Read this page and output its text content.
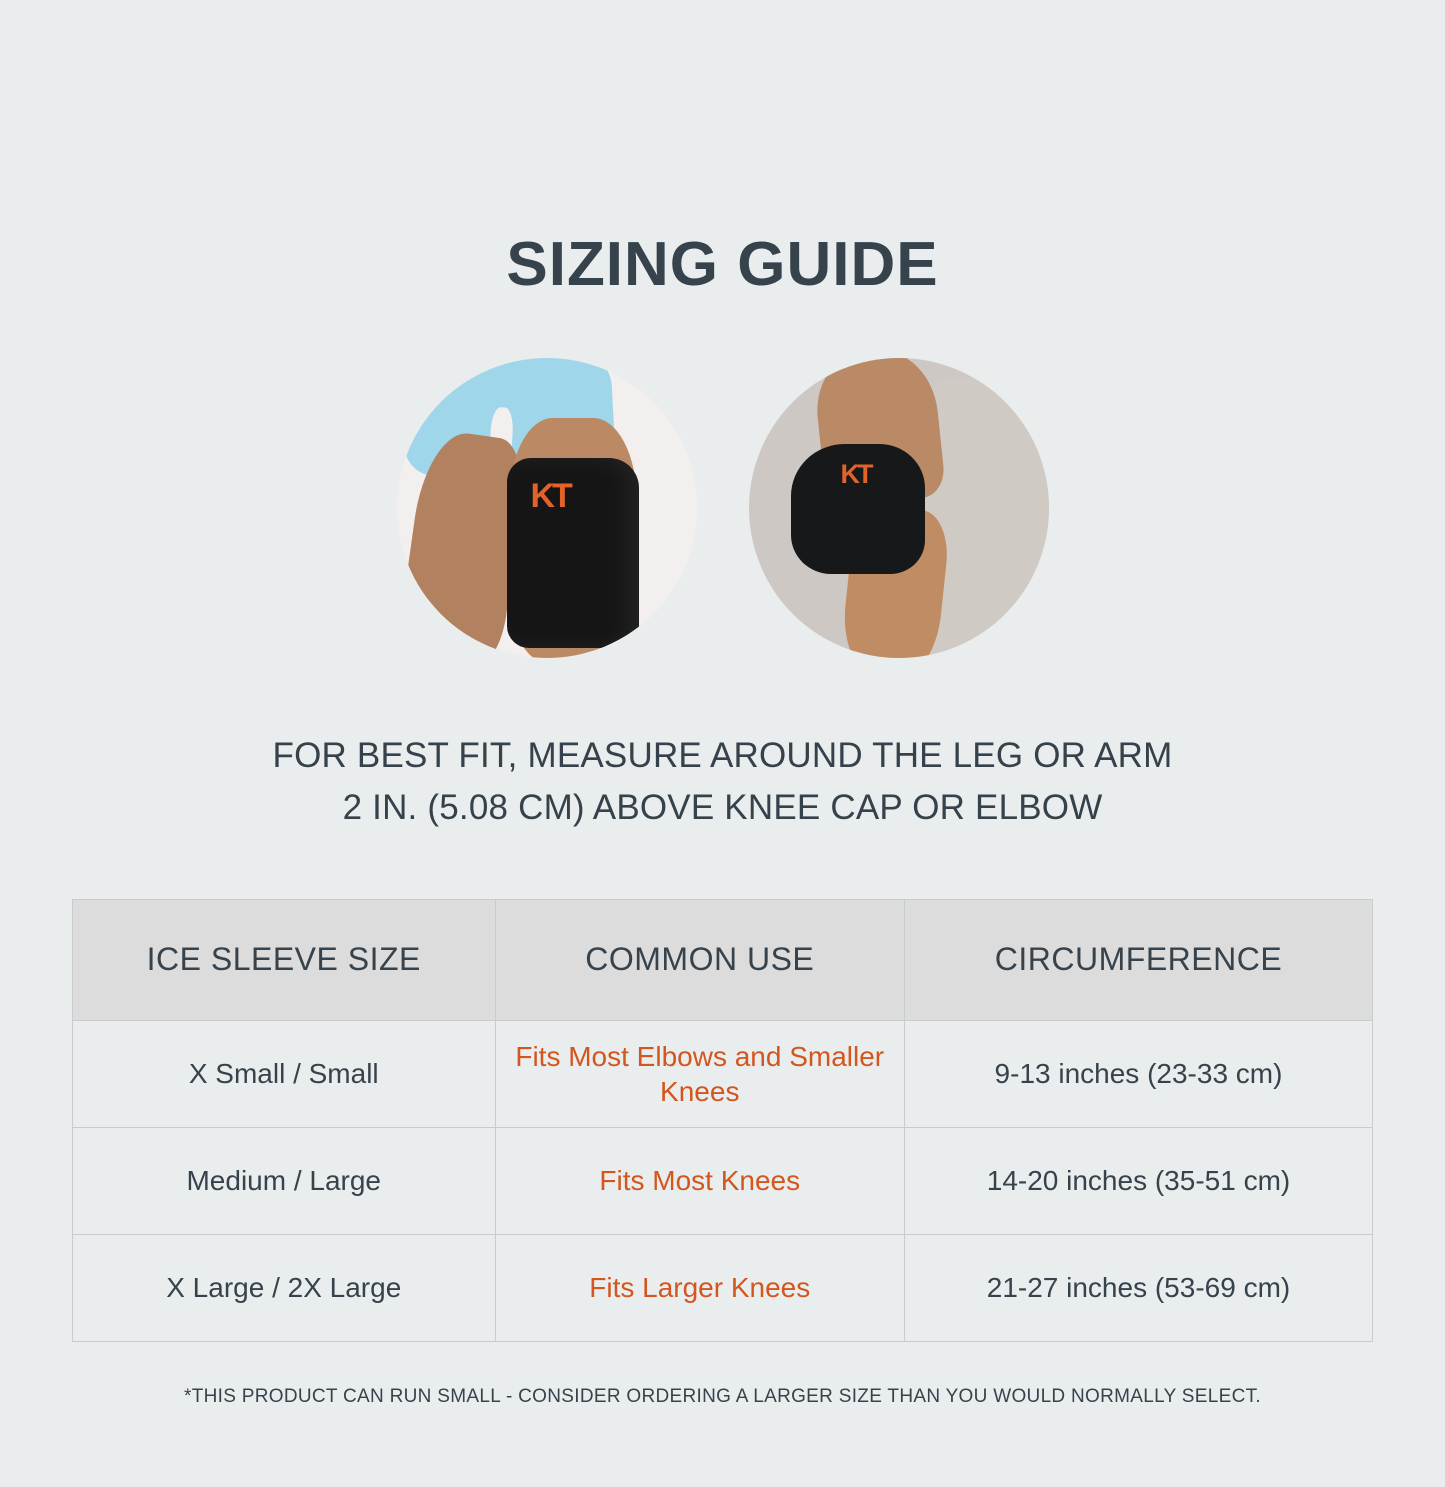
SIZING GUIDE
KT
KT
FOR BEST FIT, MEASURE AROUND THE LEG OR ARM
2 IN. (5.08 CM) ABOVE KNEE CAP OR ELBOW
ICE SLEEVE SIZE	COMMON USE	CIRCUMFERENCE
X Small / Small	Fits Most Elbows and Smaller Knees	9-13 inches (23-33 cm)
Medium / Large	Fits Most Knees	14-20 inches (35-51 cm)
X Large / 2X Large	Fits Larger Knees	21-27 inches (53-69 cm)
*THIS PRODUCT CAN RUN SMALL - CONSIDER ORDERING A LARGER SIZE THAN YOU WOULD NORMALLY SELECT.
